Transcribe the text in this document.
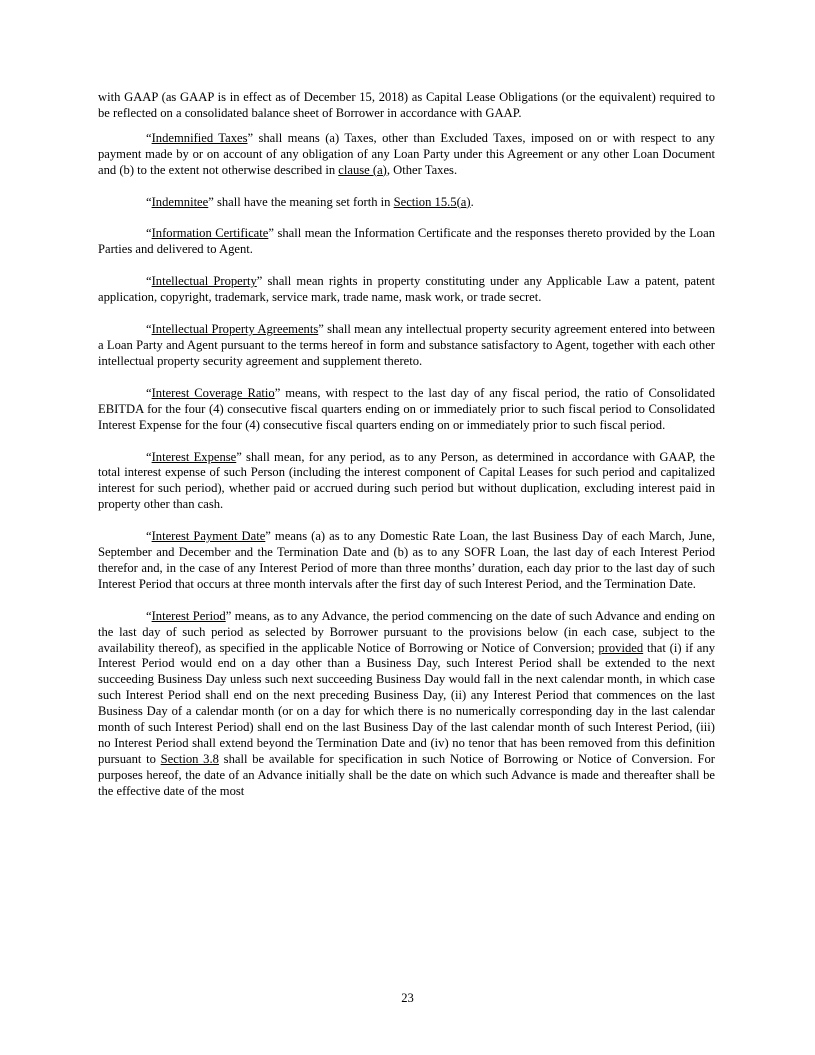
with GAAP (as GAAP is in effect as of December 15, 2018) as Capital Lease Obligations (or the equivalent) required to be reflected on a consolidated balance sheet of Borrower in accordance with GAAP.

“Indemnified Taxes” shall means (a) Taxes, other than Excluded Taxes, imposed on or with respect to any payment made by or on account of any obligation of any Loan Party under this Agreement or any other Loan Document and (b) to the extent not otherwise described in clause (a), Other Taxes.

“Indemnitee” shall have the meaning set forth in Section 15.5(a).

“Information Certificate” shall mean the Information Certificate and the responses thereto provided by the Loan Parties and delivered to Agent.

“Intellectual Property” shall mean rights in property constituting under any Applicable Law a patent, patent application, copyright, trademark, service mark, trade name, mask work, or trade secret.

“Intellectual Property Agreements” shall mean any intellectual property security agreement entered into between a Loan Party and Agent pursuant to the terms hereof in form and substance satisfactory to Agent, together with each other intellectual property security agreement and supplement thereto.

“Interest Coverage Ratio” means, with respect to the last day of any fiscal period, the ratio of Consolidated EBITDA for the four (4) consecutive fiscal quarters ending on or immediately prior to such fiscal period to Consolidated Interest Expense for the four (4) consecutive fiscal quarters ending on or immediately prior to such fiscal period.

“Interest Expense” shall mean, for any period, as to any Person, as determined in accordance with GAAP, the total interest expense of such Person (including the interest component of Capital Leases for such period and capitalized interest for such period), whether paid or accrued during such period but without duplication, excluding interest paid in property other than cash.

“Interest Payment Date” means (a) as to any Domestic Rate Loan, the last Business Day of each March, June, September and December and the Termination Date and (b) as to any SOFR Loan, the last day of each Interest Period therefor and, in the case of any Interest Period of more than three months’ duration, each day prior to the last day of such Interest Period that occurs at three month intervals after the first day of such Interest Period, and the Termination Date.

“Interest Period” means, as to any Advance, the period commencing on the date of such Advance and ending on the last day of such period as selected by Borrower pursuant to the provisions below (in each case, subject to the availability thereof), as specified in the applicable Notice of Borrowing or Notice of Conversion; provided that (i) if any Interest Period would end on a day other than a Business Day, such Interest Period shall be extended to the next succeeding Business Day unless such next succeeding Business Day would fall in the next calendar month, in which case such Interest Period shall end on the next preceding Business Day, (ii) any Interest Period that commences on the last Business Day of a calendar month (or on a day for which there is no numerically corresponding day in the last calendar month of such Interest Period) shall end on the last Business Day of the last calendar month of such Interest Period, (iii) no Interest Period shall extend beyond the Termination Date and (iv) no tenor that has been removed from this definition pursuant to Section 3.8 shall be available for specification in such Notice of Borrowing or Notice of Conversion. For purposes hereof, the date of an Advance initially shall be the date on which such Advance is made and thereafter shall be the effective date of the most

23
